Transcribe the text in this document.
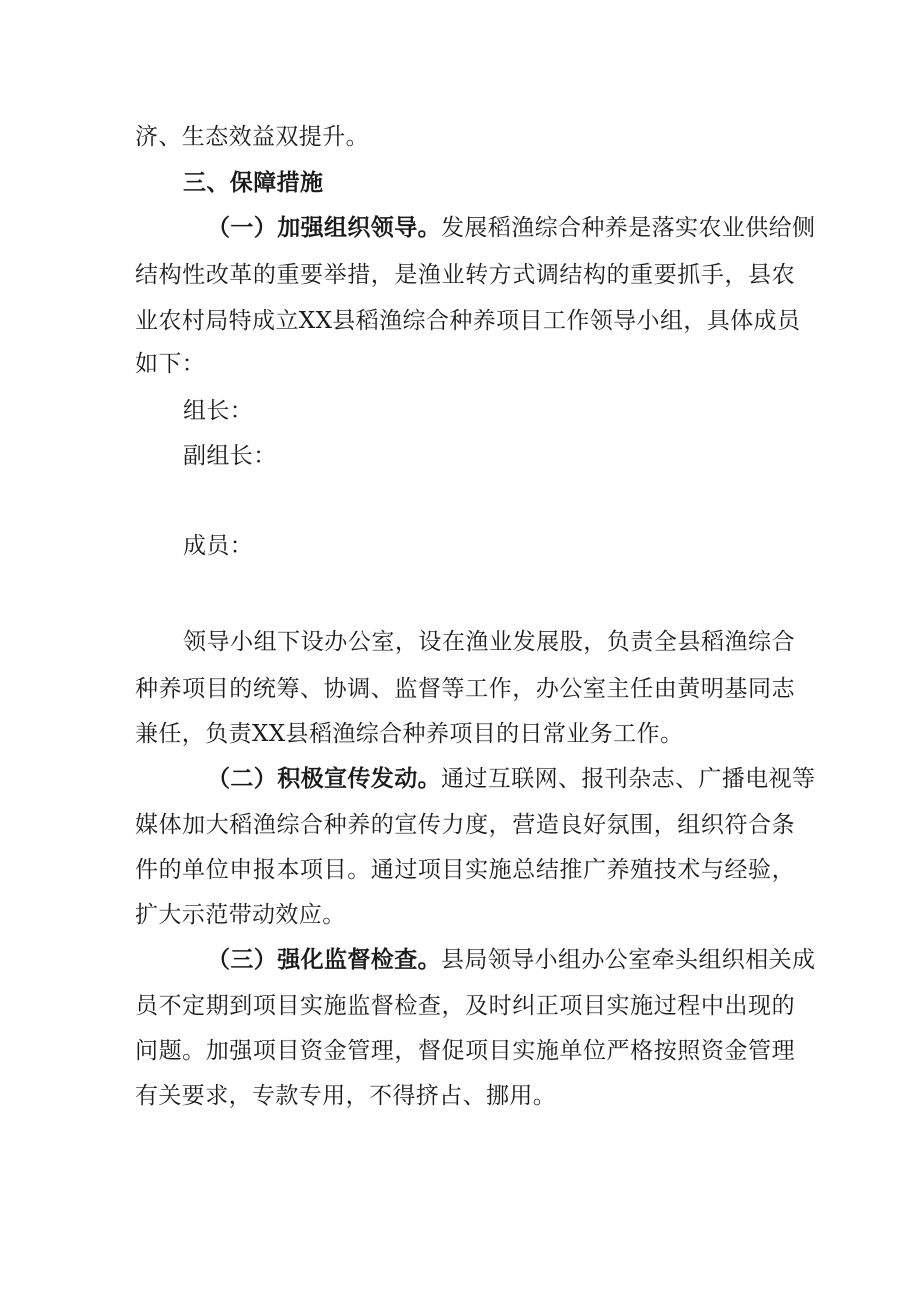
济、生态效益双提升。
三、保障措施
（一）加强组织领导。发展稻渔综合种养是落实农业供给侧
结构性改革的重要举措，是渔业转方式调结构的重要抓手，县农
业农村局特成立XX县稻渔综合种养项目工作领导小组，具体成员
如下：
组长：
副组长：
成员：
领导小组下设办公室，设在渔业发展股，负责全县稻渔综合
种养项目的统筹、协调、监督等工作，办公室主任由黄明基同志
兼任，负责XX县稻渔综合种养项目的日常业务工作。
（二）积极宣传发动。通过互联网、报刊杂志、广播电视等
媒体加大稻渔综合种养的宣传力度，营造良好氛围，组织符合条
件的单位申报本项目。通过项目实施总结推广养殖技术与经验，
扩大示范带动效应。
（三）强化监督检查。县局领导小组办公室牵头组织相关成
员不定期到项目实施监督检查，及时纠正项目实施过程中出现的
问题。加强项目资金管理，督促项目实施单位严格按照资金管理
有关要求，专款专用，不得挤占、挪用。
